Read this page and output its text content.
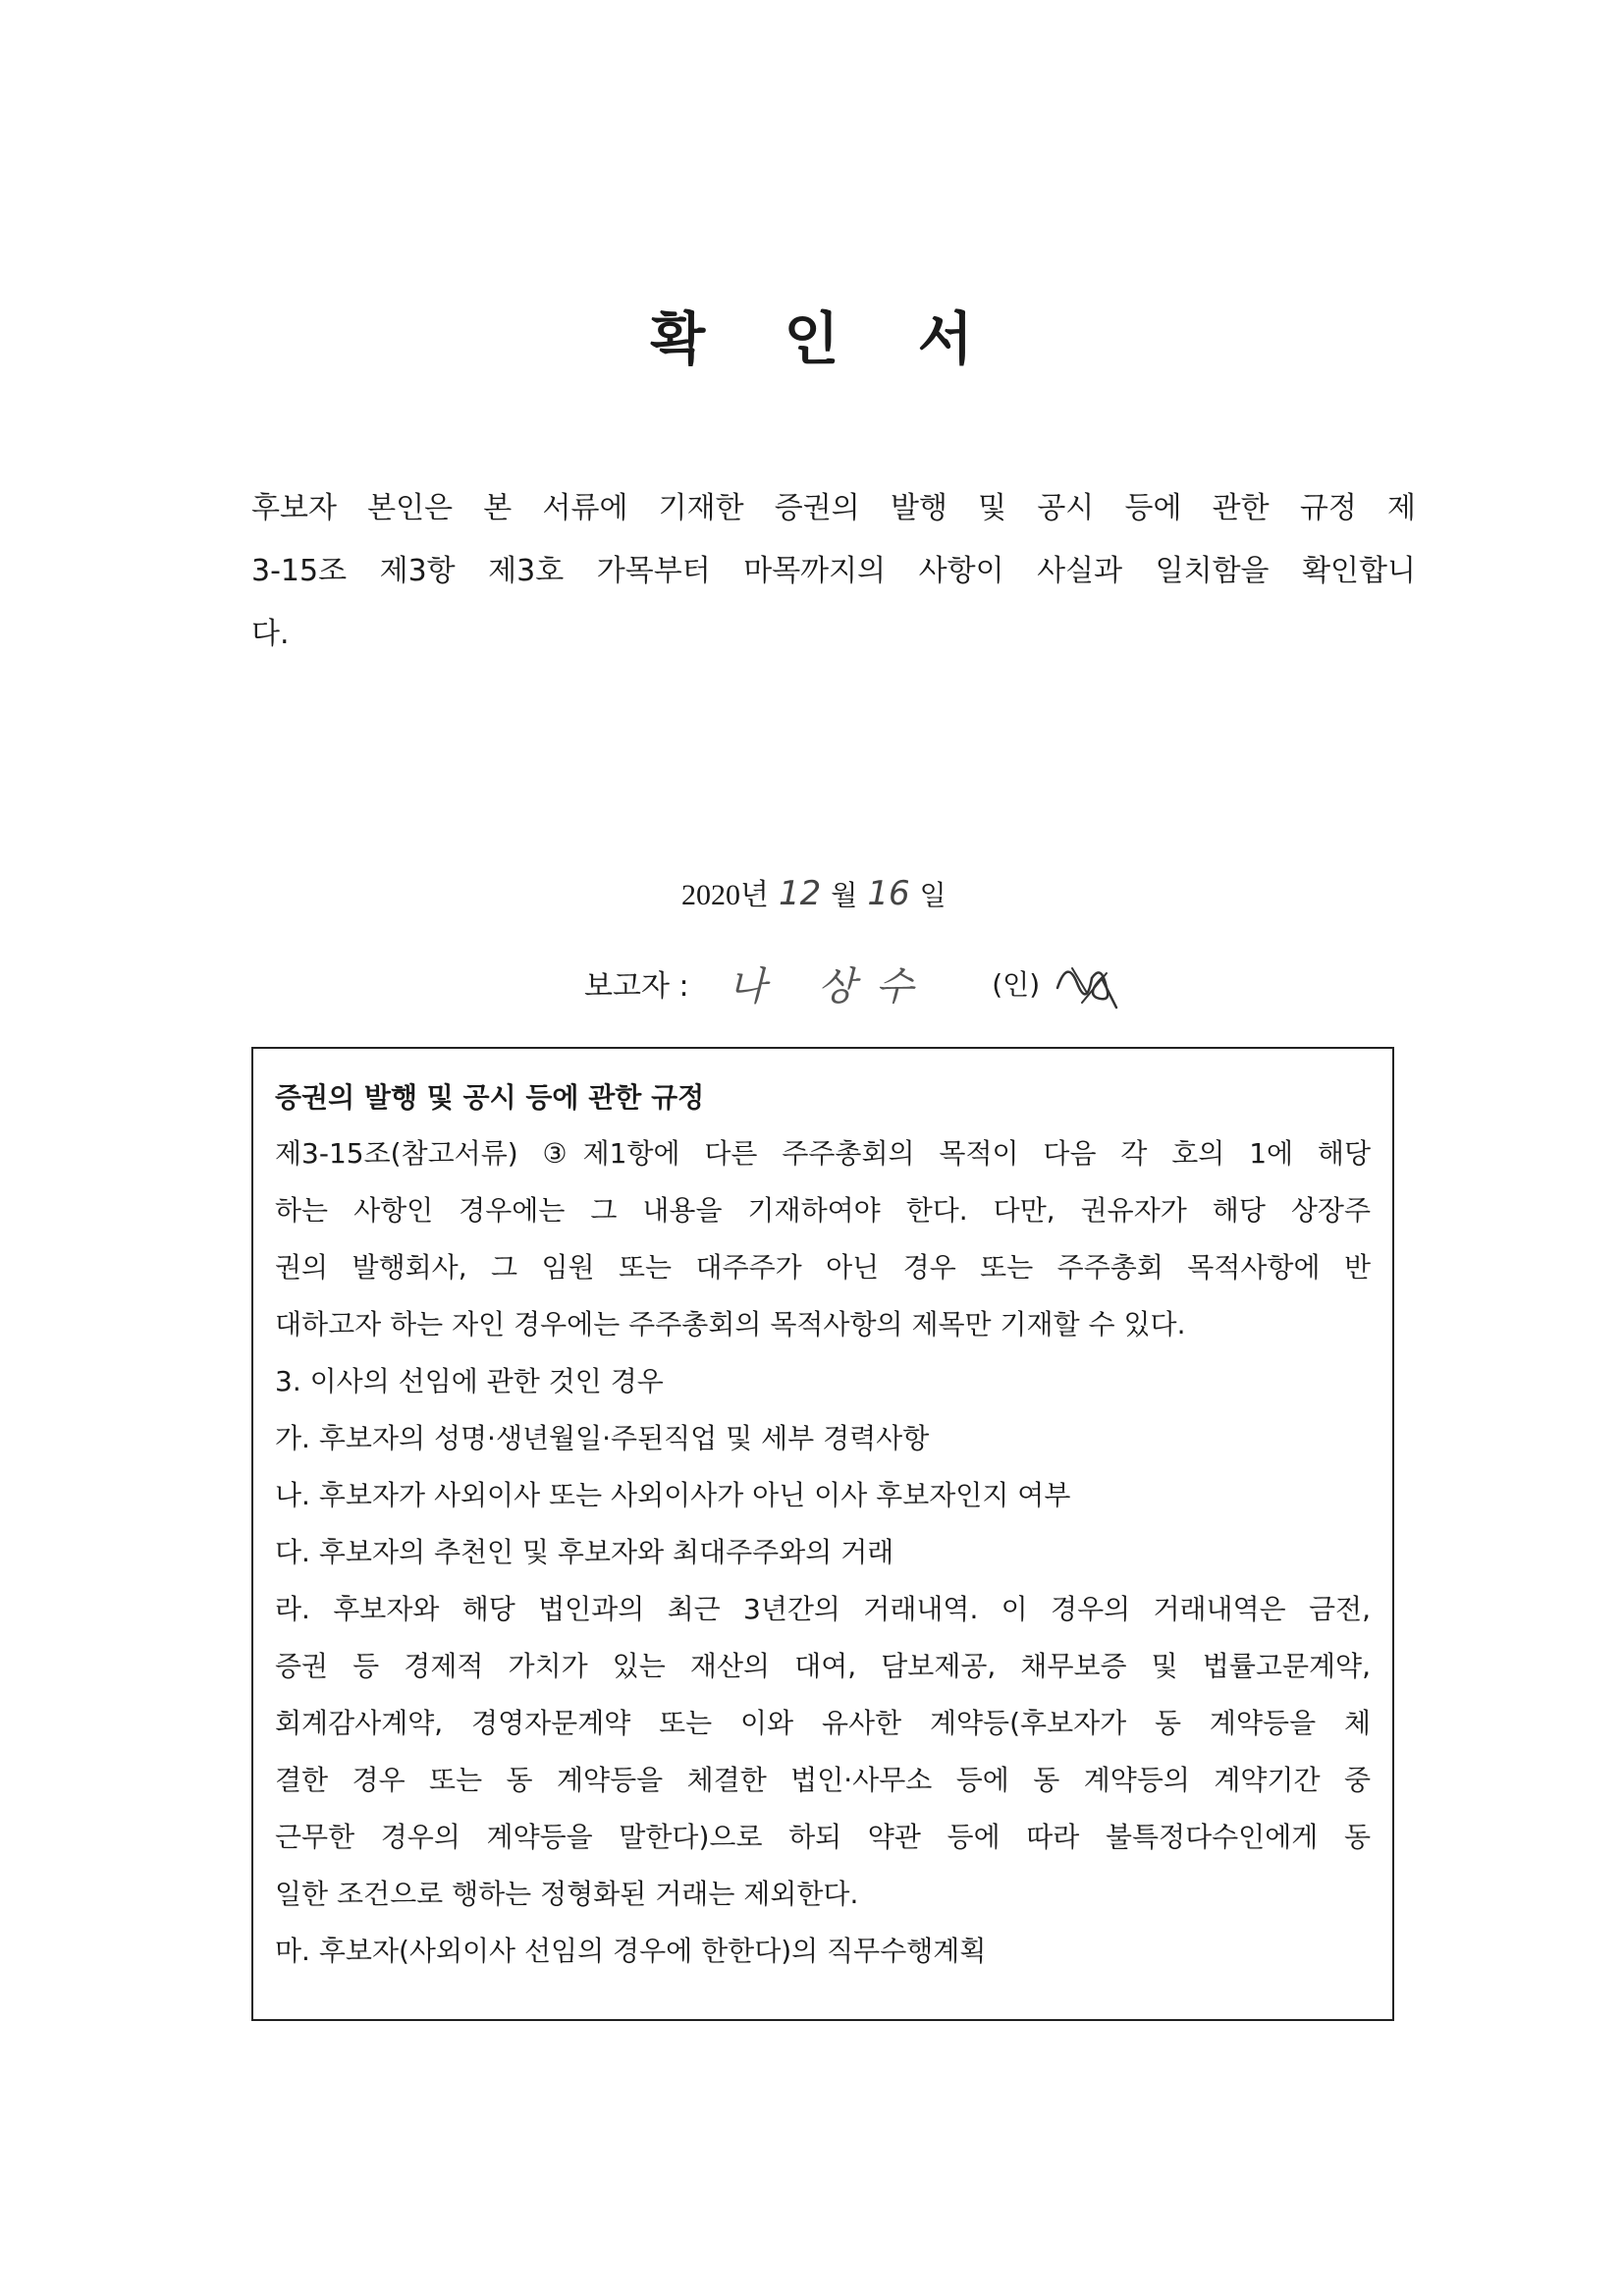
확 인 서
후보자 본인은 본 서류에 기재한 증권의 발행 및 공시 등에 관한 규정 제
3-15조 제3항 제3호 가목부터 마목까지의 사항이 사실과 일치함을 확인합니
다.
2020년 12 월 16 일
보고자 : 나 상수 (인)
증권의 발행 및 공시 등에 관한 규정
제3-15조(참고서류) ③제1항에 다른 주주총회의 목적이 다음 각 호의 1에 해당
하는 사항인 경우에는 그 내용을 기재하여야 한다. 다만, 권유자가 해당 상장주
권의 발행회사, 그 임원 또는 대주주가 아닌 경우 또는 주주총회 목적사항에 반
대하고자 하는 자인 경우에는 주주총회의 목적사항의 제목만 기재할 수 있다.
3. 이사의 선임에 관한 것인 경우
가. 후보자의 성명·생년월일·주된직업 및 세부 경력사항
나. 후보자가 사외이사 또는 사외이사가 아닌 이사 후보자인지 여부
다. 후보자의 추천인 및 후보자와 최대주주와의 거래
라. 후보자와 해당 법인과의 최근 3년간의 거래내역. 이 경우의 거래내역은 금전,
증권 등 경제적 가치가 있는 재산의 대여, 담보제공, 채무보증 및 법률고문계약,
회계감사계약, 경영자문계약 또는 이와 유사한 계약등(후보자가 동 계약등을 체
결한 경우 또는 동 계약등을 체결한 법인·사무소 등에 동 계약등의 계약기간 중
근무한 경우의 계약등을 말한다)으로 하되 약관 등에 따라 불특정다수인에게 동
일한 조건으로 행하는 정형화된 거래는 제외한다.
마. 후보자(사외이사 선임의 경우에 한한다)의 직무수행계획
